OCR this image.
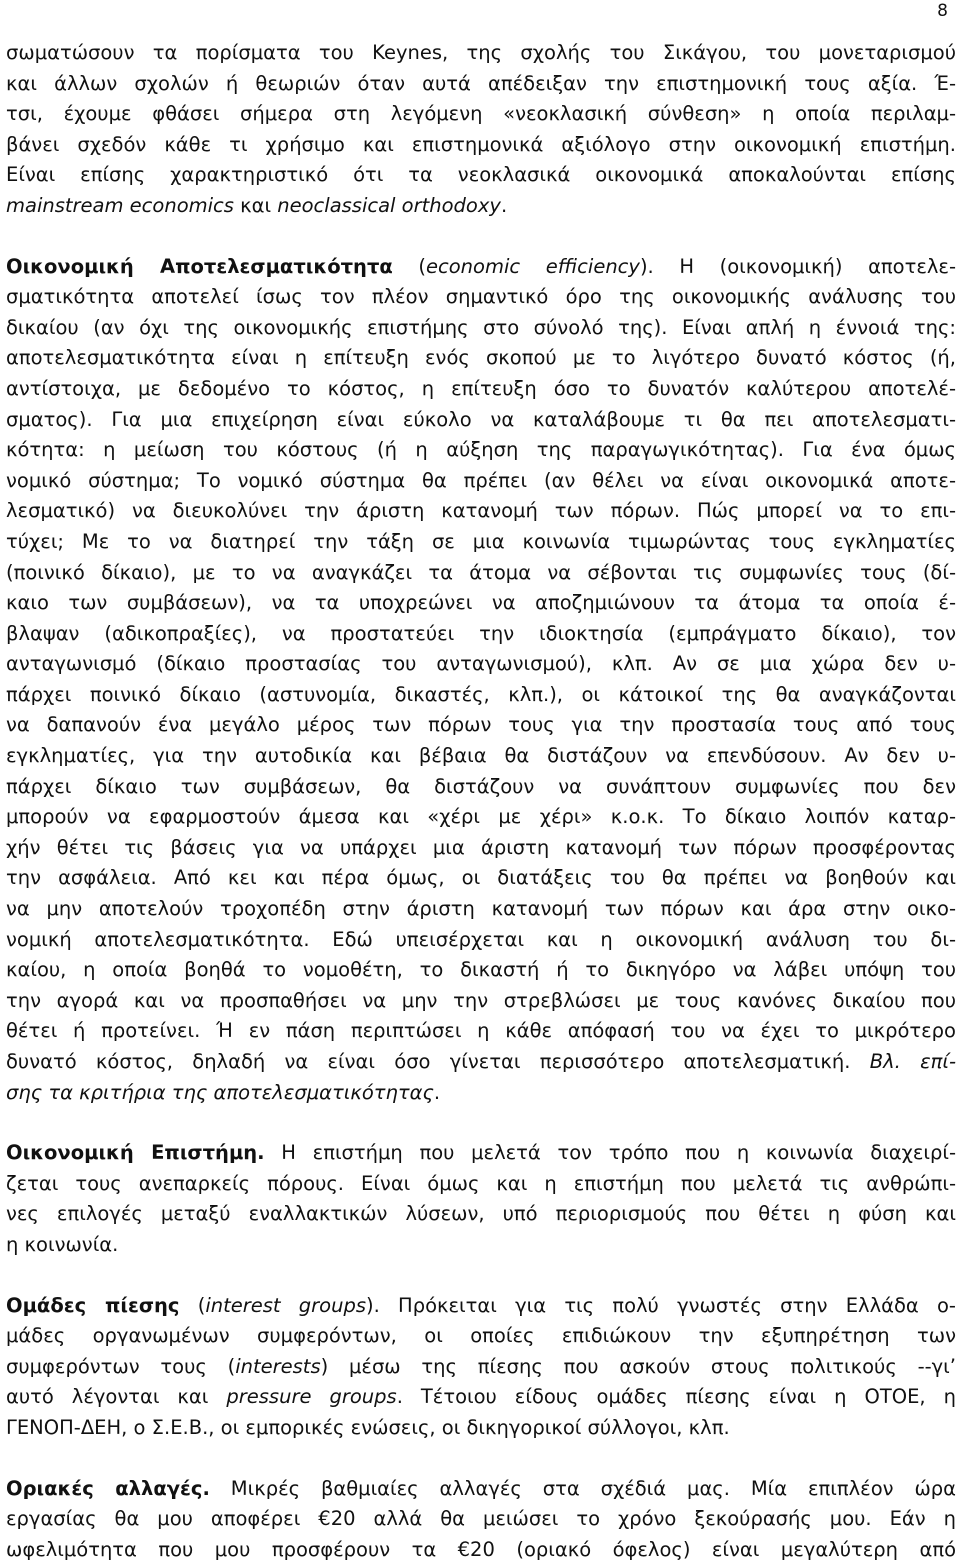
8

σωματώσουν τα πορίσματα του Keynes, της σχολής του Σικάγου, του μονεταρισμού
και άλλων σχολών ή θεωριών όταν αυτά απέδειξαν την επιστημονική τους αξία. Έ-
τσι, έχουμε φθάσει σήμερα στη λεγόμενη «νεοκλασική σύνθεση» η οποία περιλαμ-
βάνει σχεδόν κάθε τι χρήσιμο και επιστημονικά αξιόλογο στην οικονομική επιστήμη.
Είναι επίσης χαρακτηριστικό ότι τα νεοκλασικά οικονομικά αποκαλούνται επίσης
mainstream economics και neoclassical orthodoxy.

Οικονομική Αποτελεσματικότητα (economic efficiency). Η (οικονομική) αποτελε-
σματικότητα αποτελεί ίσως τον πλέον σημαντικό όρο της οικονομικής ανάλυσης του
δικαίου (αν όχι της οικονομικής επιστήμης στο σύνολό της). Είναι απλή η έννοιά της:
αποτελεσματικότητα είναι η επίτευξη ενός σκοπού με το λιγότερο δυνατό κόστος (ή,
αντίστοιχα, με δεδομένο το κόστος, η επίτευξη όσο το δυνατόν καλύτερου αποτελέ-
σματος). Για μια επιχείρηση είναι εύκολο να καταλάβουμε τι θα πει αποτελεσματι-
κότητα: η μείωση του κόστους (ή η αύξηση της παραγωγικότητας). Για ένα όμως
νομικό σύστημα; Το νομικό σύστημα θα πρέπει (αν θέλει να είναι οικονομικά αποτε-
λεσματικό) να διευκολύνει την άριστη κατανομή των πόρων. Πώς μπορεί να το επι-
τύχει; Με το να διατηρεί την τάξη σε μια κοινωνία τιμωρώντας τους εγκληματίες
(ποινικό δίκαιο), με το να αναγκάζει τα άτομα να σέβονται τις συμφωνίες τους (δί-
καιο των συμβάσεων), να τα υποχρεώνει να αποζημιώνουν τα άτομα τα οποία έ-
βλαψαν (αδικοπραξίες), να προστατεύει την ιδιοκτησία (εμπράγματο δίκαιο), τον
ανταγωνισμό (δίκαιο προστασίας του ανταγωνισμού), κλπ. Αν σε μια χώρα δεν υ-
πάρχει ποινικό δίκαιο (αστυνομία, δικαστές, κλπ.), οι κάτοικοί της θα αναγκάζονται
να δαπανούν ένα μεγάλο μέρος των πόρων τους για την προστασία τους από τους
εγκληματίες, για την αυτοδικία και βέβαια θα διστάζουν να επενδύσουν. Αν δεν υ-
πάρχει δίκαιο των συμβάσεων, θα διστάζουν να συνάπτουν συμφωνίες που δεν
μπορούν να εφαρμοστούν άμεσα και «χέρι με χέρι» κ.ο.κ. Το δίκαιο λοιπόν καταρ-
χήν θέτει τις βάσεις για να υπάρχει μια άριστη κατανομή των πόρων προσφέροντας
την ασφάλεια. Από κει και πέρα όμως, οι διατάξεις του θα πρέπει να βοηθούν και
να μην αποτελούν τροχοπέδη στην άριστη κατανομή των πόρων και άρα στην οικο-
νομική αποτελεσματικότητα. Εδώ υπεισέρχεται και η οικονομική ανάλυση του δι-
καίου, η οποία βοηθά το νομοθέτη, το δικαστή ή το δικηγόρο να λάβει υπόψη του
την αγορά και να προσπαθήσει να μην την στρεβλώσει με τους κανόνες δικαίου που
θέτει ή προτείνει. Ή εν πάση περιπτώσει η κάθε απόφασή του να έχει το μικρότερο
δυνατό κόστος, δηλαδή να είναι όσο γίνεται περισσότερο αποτελεσματική. Βλ. επί-
σης τα κριτήρια της αποτελεσματικότητας.

Οικονομική Επιστήμη. Η επιστήμη που μελετά τον τρόπο που η κοινωνία διαχειρί-
ζεται τους ανεπαρκείς πόρους. Είναι όμως και η επιστήμη που μελετά τις ανθρώπι-
νες επιλογές μεταξύ εναλλακτικών λύσεων, υπό περιορισμούς που θέτει η φύση και
η κοινωνία.

Ομάδες πίεσης (interest groups). Πρόκειται για τις πολύ γνωστές στην Ελλάδα ο-
μάδες οργανωμένων συμφερόντων, οι οποίες επιδιώκουν την εξυπηρέτηση των
συμφερόντων τους (interests) μέσω της πίεσης που ασκούν στους πολιτικούς --γι’
αυτό λέγονται και pressure groups. Τέτοιου είδους ομάδες πίεσης είναι η ΟΤΟΕ, η
ΓΕΝΟΠ-ΔΕΗ, ο Σ.Ε.Β., οι εμπορικές ενώσεις, οι δικηγορικοί σύλλογοι, κλπ.

Οριακές αλλαγές. Μικρές βαθμιαίες αλλαγές στα σχέδιά μας. Μία επιπλέον ώρα
εργασίας θα μου αποφέρει €20 αλλά θα μειώσει το χρόνο ξεκούρασής μου. Εάν η
ωφελιμότητα που μου προσφέρουν τα €20 (οριακό όφελος) είναι μεγαλύτερη από
